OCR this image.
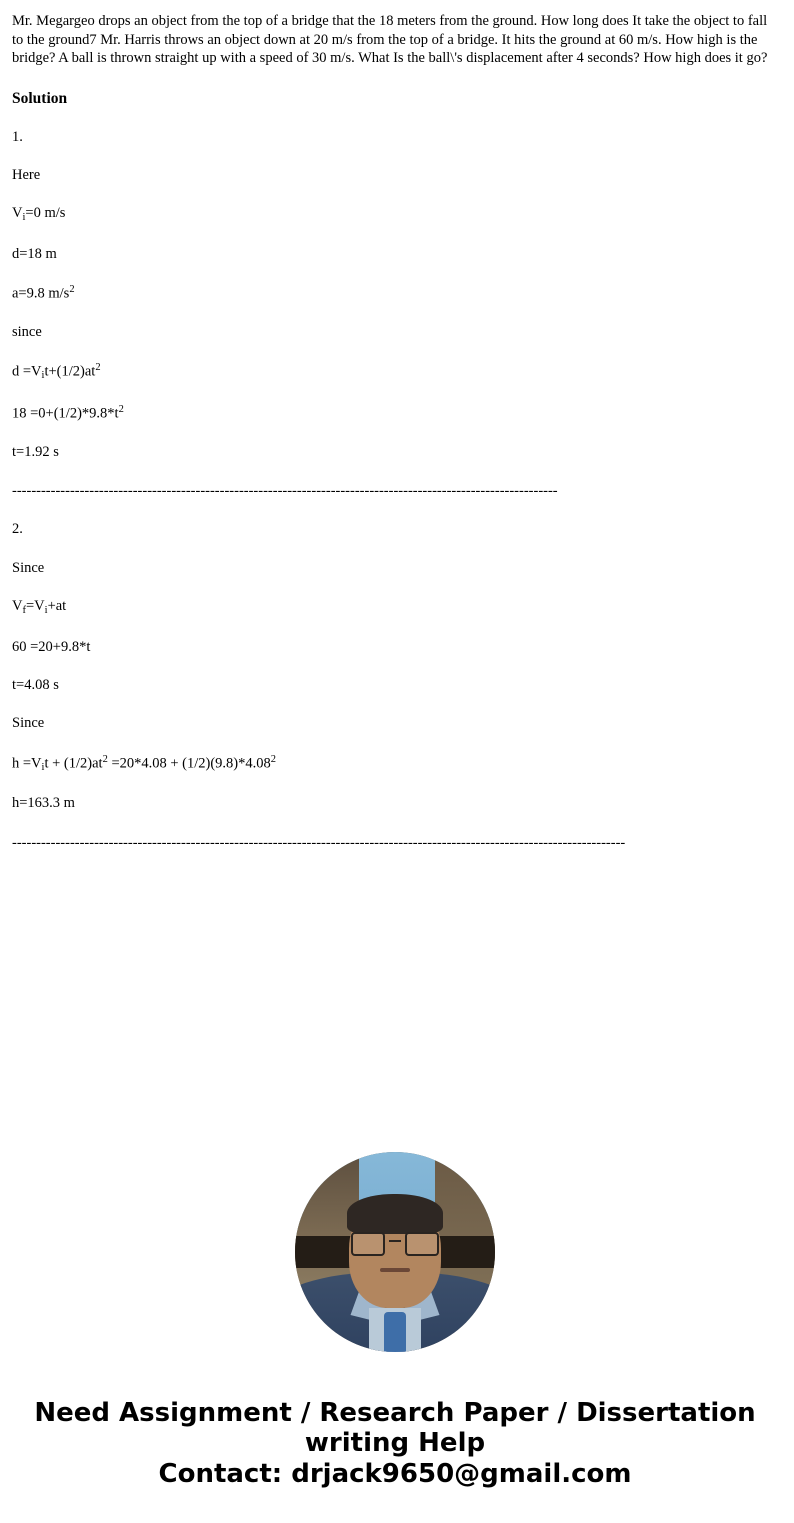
Mr. Megargeo drops an object from the top of a bridge that the 18 meters from the ground. How long does It take the object to fall to the ground7 Mr. Harris throws an object down at 20 m/s from the top of a bridge. It hits the ground at 60 m/s. How high is the bridge? A ball is thrown straight up with a speed of 30 m/s. What Is the ball\'s displacement after 4 seconds? How high does it go?

Solution
1.
Here
$V_i=0$ m/s
d=18 m
a=9.8 $m/s^2$
since
$d =V_it+(1/2)at^2$
$18 =0+(1/2)*9.8*t^2$
t=1.92 s
-----------------------------------------------------------------------------------------------------------------
2.
Since
$V_f=V_i+at$
60 =20+9.8*t
t=4.08 s
Since
$h =V_it + (1/2)at^2 =20*4.08 + (1/2)(9.8)*4.08^2$
h=163.3 m
-------------------------------------------------------------------------------------------------------------------------------
Need Assignment / Research Paper / Dissertation
writing Help
Contact: drjack9650@gmail.com
